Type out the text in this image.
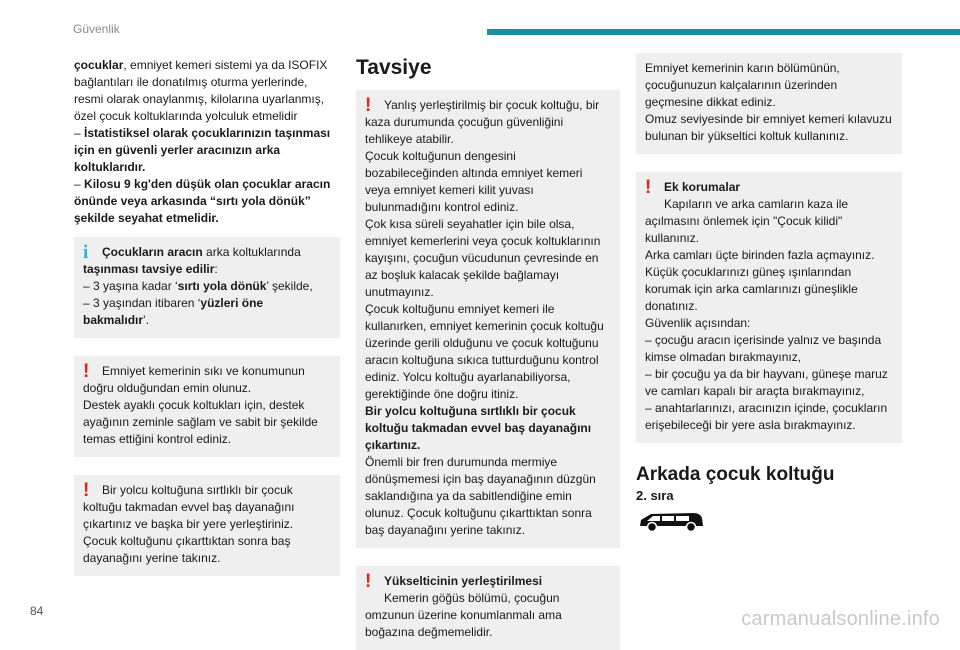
Güvenlik

çocuklar, emniyet kemeri sistemi ya da ISOFIX bağlantıları ile donatılmış oturma yerlerinde, resmi olarak onaylanmış, kilolarına uyarlanmış, özel çocuk koltuklarında yolculuk etmelidir

– İstatistiksel olarak çocuklarınızın taşınması için en güvenli yerler aracınızın arka koltuklarıdır.

– Kilosu 9 kg'den düşük olan çocuklar aracın önünde veya arkasında “sırtı yola dönük” şekilde seyahat etmelidir.

i	Çocukların aracın arka koltuklarında taşınması tavsiye edilir:

– 3 yaşına kadar ‘sırtı yola dönük’ şekilde,

– 3 yaşından itibaren ‘yüzleri öne bakmalıdır’.

!	Emniyet kemerinin sıkı ve konumunun doğru olduğundan emin olunuz.

Destek ayaklı çocuk koltukları için, destek ayağının zeminle sağlam ve sabit bir şekilde temas ettiğini kontrol ediniz.

!	Bir yolcu koltuğuna sırtlıklı bir çocuk koltuğu takmadan evvel baş dayanağını çıkartınız ve başka bir yere yerleştiriniz.

Çocuk koltuğunu çıkarttıktan sonra baş dayanağını yerine takınız.

Tavsiye

!	Yanlış yerleştirilmiş bir çocuk koltuğu, bir kaza durumunda çocuğun güvenliğini tehlikeye atabilir.

Çocuk koltuğunun dengesini bozabileceğinden altında emniyet kemeri veya emniyet kemeri kilit yuvası bulunmadığını kontrol ediniz.

Çok kısa süreli seyahatler için bile olsa, emniyet kemerlerini veya çocuk koltuklarının kayışını, çocuğun vücudunun çevresinde en az boşluk kalacak şekilde bağlamayı unutmayınız.

Çocuk koltuğunu emniyet kemeri ile kullanırken, emniyet kemerinin çocuk koltuğu üzerinde gerili olduğunu ve çocuk koltuğunu aracın koltuğuna sıkıca tutturduğunu kontrol ediniz. Yolcu koltuğu ayarlanabiliyorsa, gerektiğinde öne doğru itiniz.

Bir yolcu koltuğuna sırtlıklı bir çocuk koltuğu takmadan evvel baş dayanağını çıkartınız.

Önemli bir fren durumunda mermiye dönüşmemesi için baş dayanağının düzgün saklandığına ya da sabitlendiğine emin olunuz. Çocuk koltuğunu çıkarttıktan sonra baş dayanağını yerine takınız.

!	Yükselticinin yerleştirilmesi

Kemerin göğüs bölümü, çocuğun omzunun üzerine konumlanmalı ama boğazına değmemelidir.

Emniyet kemerinin karın bölümünün, çocuğunuzun kalçalarının üzerinden geçmesine dikkat ediniz.

Omuz seviyesinde bir emniyet kemeri kılavuzu bulunan bir yükseltici koltuk kullanınız.

!	Ek korumalar

Kapıların ve arka camların kaza ile açılmasını önlemek için "Çocuk kilidi" kullanınız.

Arka camları üçte birinden fazla açmayınız.

Küçük çocuklarınızı güneş ışınlarından korumak için arka camlarınızı güneşlikle donatınız.

Güvenlik açısından:

– çocuğu aracın içerisinde yalnız ve başında kimse olmadan bırakmayınız,

– bir çocuğu ya da bir hayvanı, güneşe maruz ve camları kapalı bir araçta bırakmayınız,

– anahtarlarınızı, aracınızın içinde, çocukların erişebileceği bir yere asla bırakmayınız.

Arkada çocuk koltuğu

2. sıra

84	carmanualsonline.info
